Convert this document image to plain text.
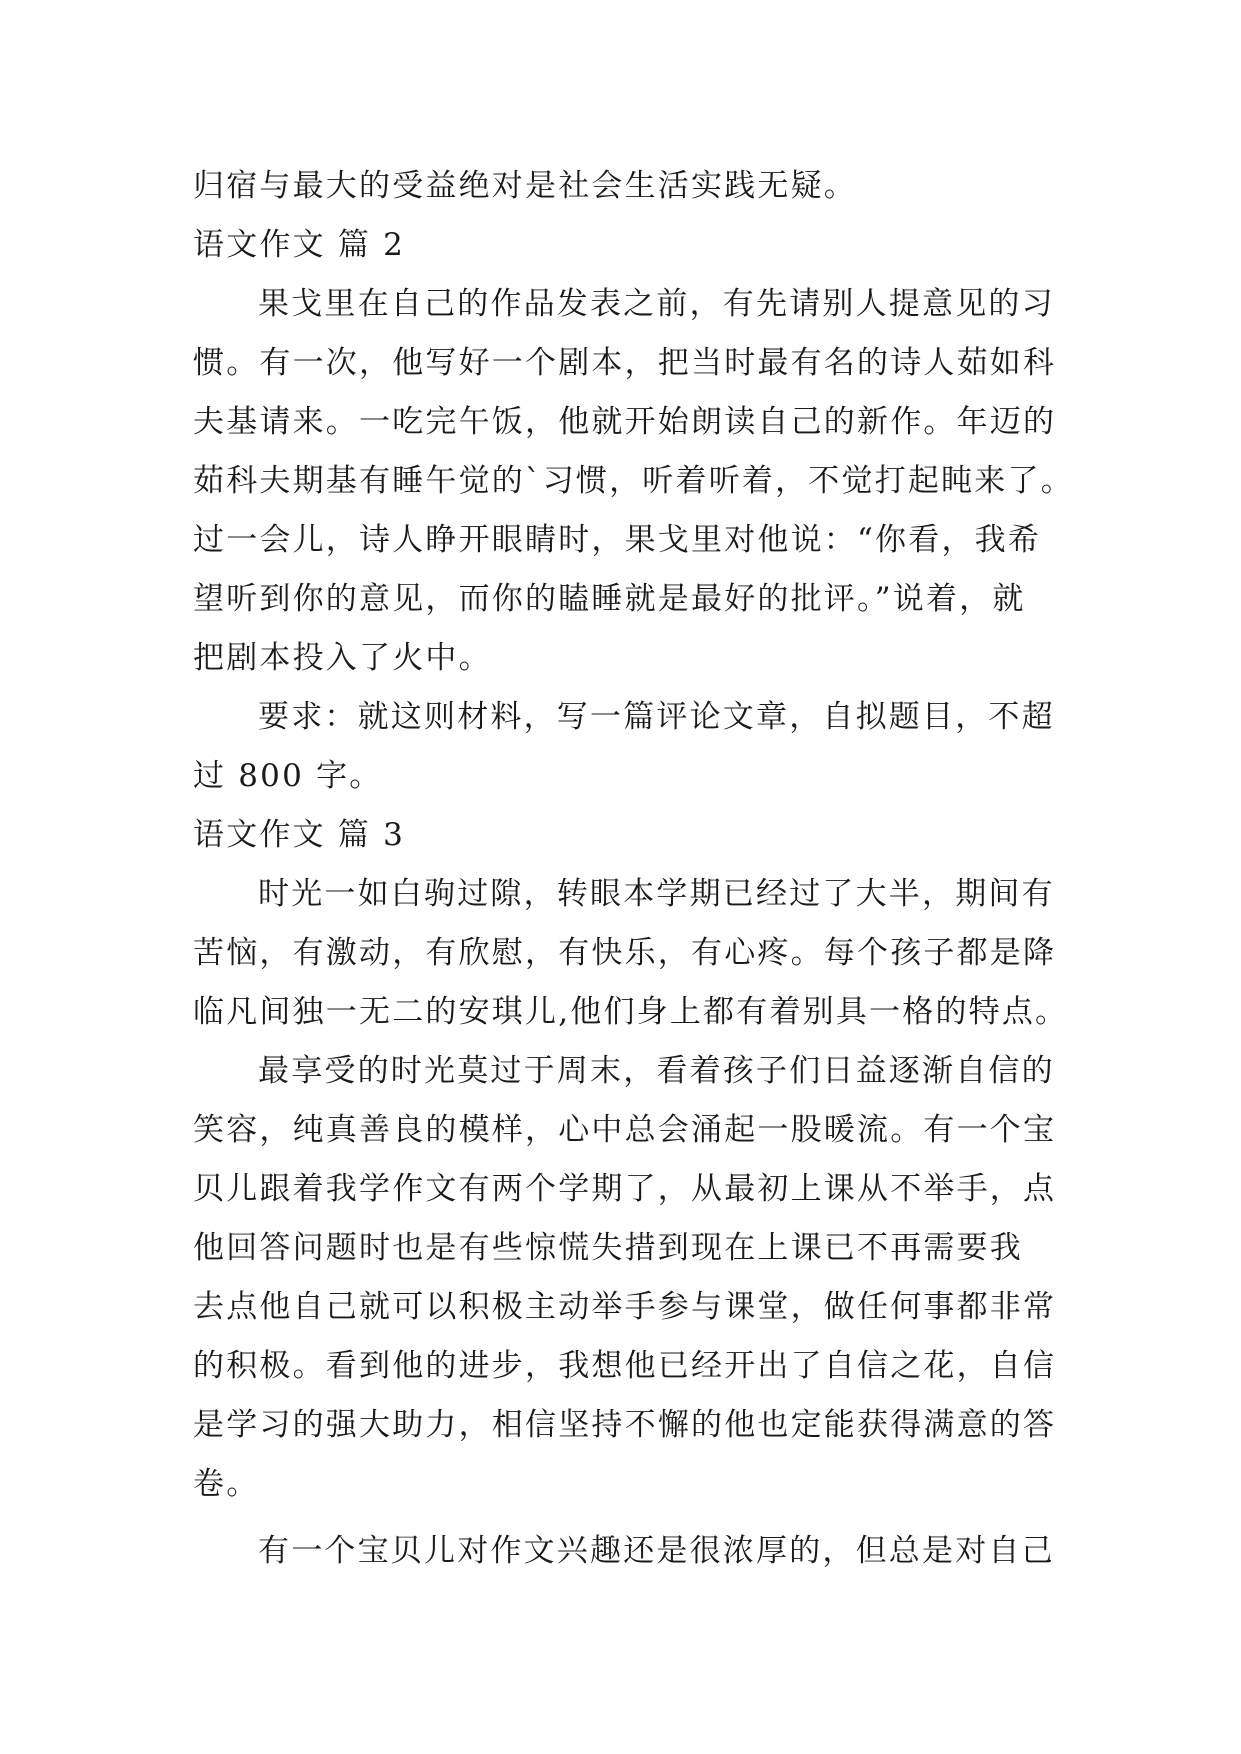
归宿与最大的受益绝对是社会生活实践无疑。
语文作文 篇 2
果戈里在自己的作品发表之前，有先请别人提意见的习
惯。有一次，他写好一个剧本，把当时最有名的诗人茹如科
夫基请来。一吃完午饭，他就开始朗读自己的新作。年迈的
茹科夫期基有睡午觉的`习惯，听着听着，不觉打起盹来了。
过一会儿，诗人睁开眼睛时，果戈里对他说：“你看，我希
望听到你的意见，而你的瞌睡就是最好的批评。”说着，就
把剧本投入了火中。
要求：就这则材料，写一篇评论文章，自拟题目，不超
过 800 字。
语文作文 篇 3
时光一如白驹过隙，转眼本学期已经过了大半，期间有
苦恼，有激动，有欣慰，有快乐，有心疼。每个孩子都是降
临凡间独一无二的安琪儿,他们身上都有着别具一格的特点。
最享受的时光莫过于周末，看着孩子们日益逐渐自信的
笑容，纯真善良的模样，心中总会涌起一股暖流。有一个宝
贝儿跟着我学作文有两个学期了，从最初上课从不举手，点
他回答问题时也是有些惊慌失措到现在上课已不再需要我
去点他自己就可以积极主动举手参与课堂，做任何事都非常
的积极。看到他的进步，我想他已经开出了自信之花，自信
是学习的强大助力，相信坚持不懈的他也定能获得满意的答
卷。
有一个宝贝儿对作文兴趣还是很浓厚的，但总是对自己
